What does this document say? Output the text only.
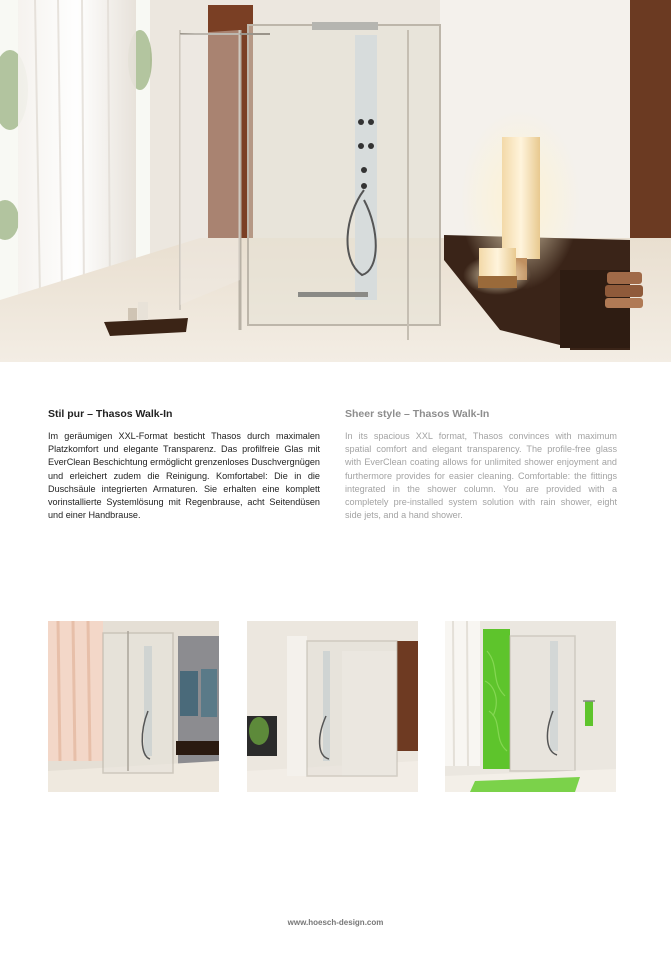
Stil pur – Thasos Walk-In

Im geräumigen XXL-Format besticht Thasos durch maximalen Platzkomfort und elegante Transparenz. Das profilfreie Glas mit EverClean Beschichtung ermöglicht grenzenloses Duschvergnügen und erleichert zudem die Reinigung. Komfortabel: Die in die Duschsäule integrierten Armaturen. Sie erhalten eine komplett vorinstallierte Systemlösung mit Regenbrause, acht Seitendüsen und einer Handbrause.

Sheer style – Thasos Walk-In

In its spacious XXL format, Thasos convinces with maximum spatial comfort and elegant transparency. The profile-free glass with EverClean coating allows for unlimited shower enjoyment and furthermore provides for easier cleaning. Comfortable: the fittings integrated in the shower column. You are provided with a completely pre-installed system solution with rain shower, eight side jets, and a hand shower.

www.hoesch-design.com
